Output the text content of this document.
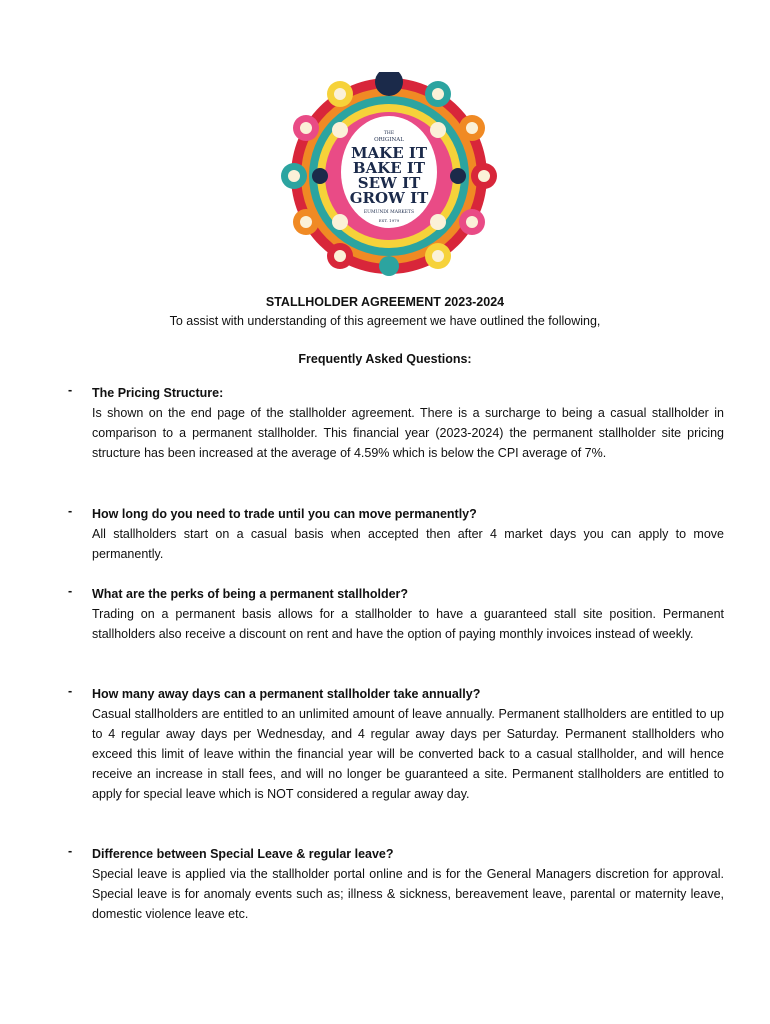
THE
ORIGINAL
MAKE IT
BAKE IT
SEW IT
GROW IT
EUMUNDI MARKETS
EST. 1979
STALLHOLDER AGREEMENT 2023-2024
To assist with understanding of this agreement we have outlined the following,
Frequently Asked Questions:
- The Pricing Structure:
Is shown on the end page of the stallholder agreement. There is a surcharge to being a casual stallholder in comparison to a permanent stallholder. This financial year (2023-2024) the permanent stallholder site pricing structure has been increased at the average of 4.59% which is below the CPI average of 7%.
- How long do you need to trade until you can move permanently?
All stallholders start on a casual basis when accepted then after 4 market days you can apply to move permanently.
- What are the perks of being a permanent stallholder?
Trading on a permanent basis allows for a stallholder to have a guaranteed stall site position. Permanent stallholders also receive a discount on rent and have the option of paying monthly invoices instead of weekly.
- How many away days can a permanent stallholder take annually?
Casual stallholders are entitled to an unlimited amount of leave annually. Permanent stallholders are entitled to up to 4 regular away days per Wednesday, and 4 regular away days per Saturday. Permanent stallholders who exceed this limit of leave within the financial year will be converted back to a casual stallholder, and will hence receive an increase in stall fees, and will no longer be guaranteed a site. Permanent stallholders are entitled to apply for special leave which is NOT considered a regular away day.
- Difference between Special Leave & regular leave?
Special leave is applied via the stallholder portal online and is for the General Managers discretion for approval. Special leave is for anomaly events such as; illness & sickness, bereavement leave, parental or maternity leave, domestic violence leave etc.
